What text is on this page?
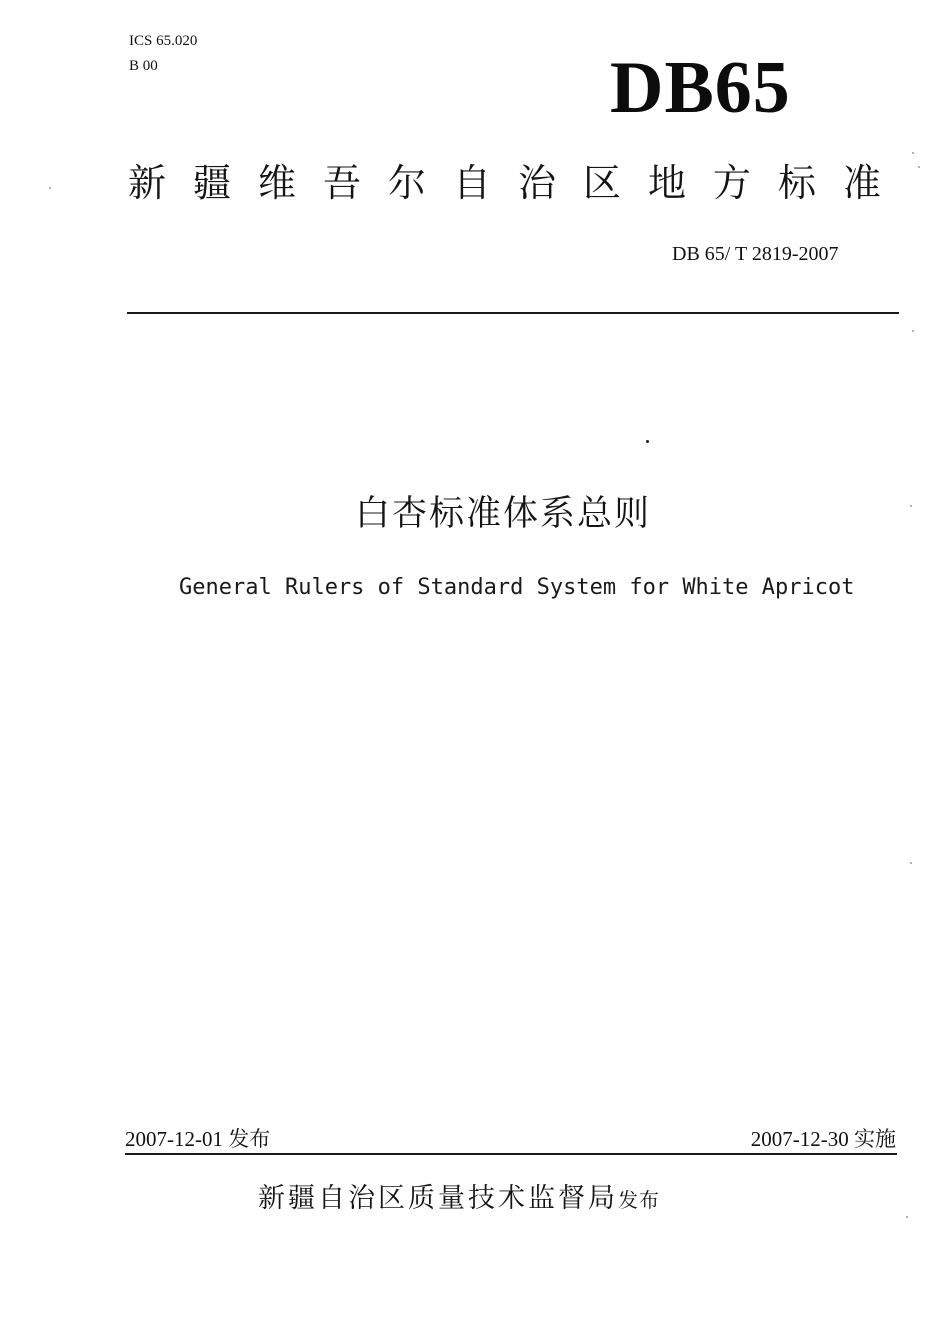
ICS 65.020
B 00	DB65
新疆维吾尔自治区地方标准
DB 65/ T 2819-2007
白杏标准体系总则
General Rulers of Standard System for White Apricot
2007-12-01 发布	2007-12-30 实施
新疆自治区质量技术监督局发布
